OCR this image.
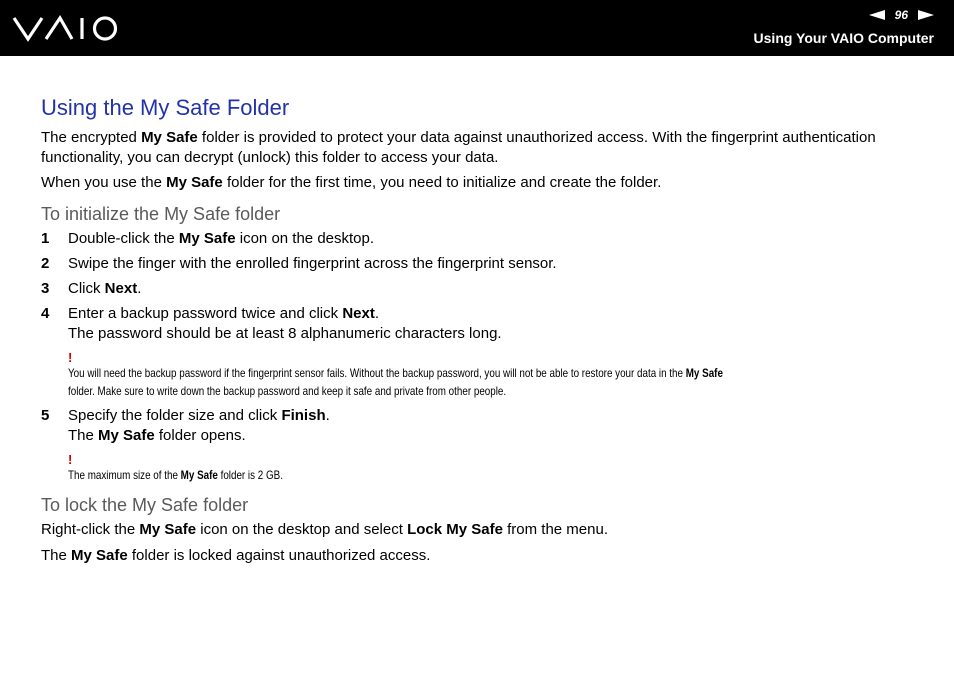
96
Using Your VAIO Computer
Using the My Safe Folder

The encrypted My Safe folder is provided to protect your data against unauthorized access. With the fingerprint authentication functionality, you can decrypt (unlock) this folder to access your data.

When you use the My Safe folder for the first time, you need to initialize and create the folder.

To initialize the My Safe folder
1	Double-click the My Safe icon on the desktop.
2	Swipe the finger with the enrolled fingerprint across the fingerprint sensor.
3	Click Next.
4	Enter a backup password twice and click Next.
The password should be at least 8 alphanumeric characters long.
!
You will need the backup password if the fingerprint sensor fails. Without the backup password, you will not be able to restore your data in the My Safe
folder. Make sure to write down the backup password and keep it safe and private from other people.
5	Specify the folder size and click Finish.
The My Safe folder opens.
!
The maximum size of the My Safe folder is 2 GB.
To lock the My Safe folder

Right-click the My Safe icon on the desktop and select Lock My Safe from the menu.

The My Safe folder is locked against unauthorized access.
